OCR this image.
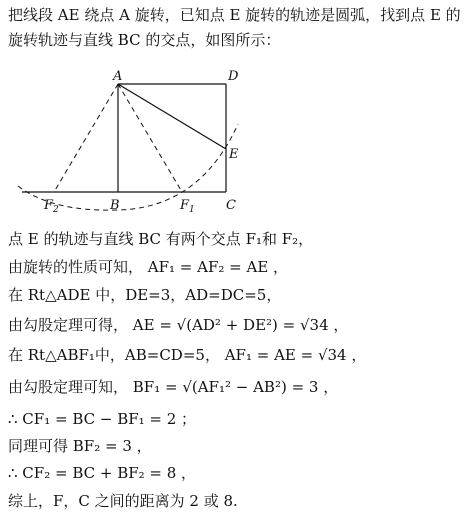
把线段 AE 绕点 A 旋转，已知点 E 旋转的轨迹是圆弧，找到点 E 的
旋转轨迹与直线 BC 的交点，如图所示：
A	D
E
B	C
$F_1$
$F_2$
点 E 的轨迹与直线 BC 有两个交点 F₁和 F₂，
由旋转的性质可知， AF₁ = AF₂ = AE ，
在 Rt△ADE 中，DE=3，AD=DC=5，
由勾股定理可得， AE = √(AD² + DE²) = √34 ，
在 Rt△ABF₁中，AB=CD=5， AF₁ = AE = √34 ，
由勾股定理可知， BF₁ = √(AF₁² − AB²) = 3 ，
∴ CF₁ = BC − BF₁ = 2 ；
同理可得 BF₂ = 3 ，
∴ CF₂ = BC + BF₂ = 8 ，
综上，F，C 之间的距离为 2 或 8.
